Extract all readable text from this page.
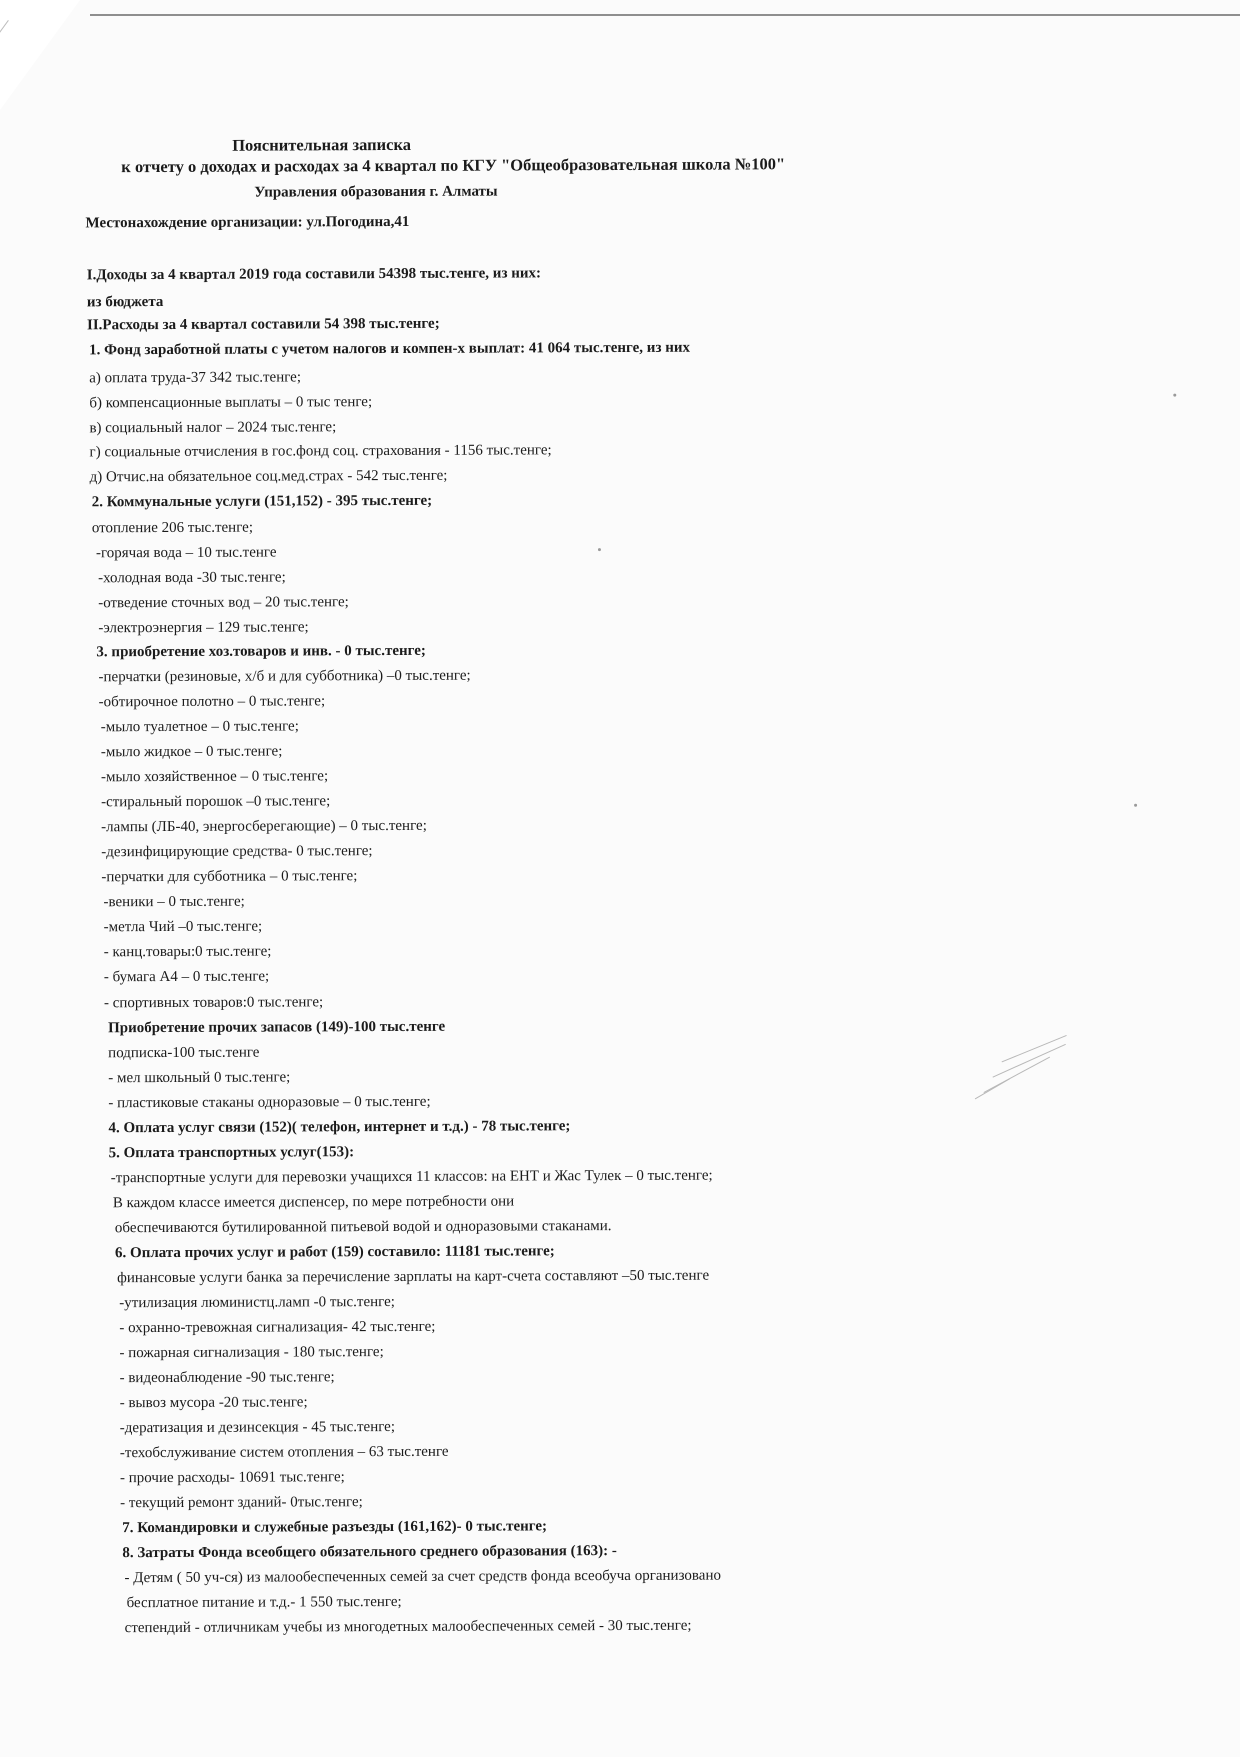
Пояснительная записка
к отчету о доходах и расходах за 4 квартал по КГУ "Общеобразовательная школа №100"
Управления образования г. Алматы
Местонахождение организации: ул.Погодина,41
I.Доходы за 4 квартал 2019 года составили 54398 тыс.тенге, из них:
из бюджета
II.Расходы за 4 квартал составили 54 398 тыс.тенге;
1. Фонд заработной платы с учетом налогов и компен-х выплат: 41 064 тыс.тенге, из них
а) оплата труда-37 342 тыс.тенге;
б) компенсационные выплаты – 0 тыс тенге;
в) социальный налог – 2024 тыс.тенге;
г) социальные отчисления в гос.фонд соц. страхования - 1156 тыс.тенге;
д) Отчис.на обязательное соц.мед.страх - 542 тыс.тенге;
2. Коммунальные услуги (151,152) - 395 тыс.тенге;
отопление 206 тыс.тенге;
-горячая вода – 10 тыс.тенге
-холодная вода -30 тыс.тенге;
-отведение сточных вод – 20 тыс.тенге;
-электроэнергия – 129 тыс.тенге;
3. приобретение хоз.товаров и инв. - 0 тыс.тенге;
-перчатки (резиновые, х/б и для субботника) –0 тыс.тенге;
-обтирочное полотно – 0 тыс.тенге;
-мыло туалетное – 0 тыс.тенге;
-мыло жидкое – 0 тыс.тенге;
-мыло хозяйственное – 0 тыс.тенге;
-стиральный порошок –0 тыс.тенге;
-лампы (ЛБ-40, энергосберегающие) – 0 тыс.тенге;
-дезинфицирующие средства- 0 тыс.тенге;
-перчатки для субботника – 0 тыс.тенге;
-веники – 0 тыс.тенге;
-метла Чий –0 тыс.тенге;
- канц.товары:0 тыс.тенге;
- бумага А4 – 0 тыс.тенге;
- спортивных товаров:0 тыс.тенге;
Приобретение прочих запасов (149)-100 тыс.тенге
подписка-100 тыс.тенге
- мел школьный 0 тыс.тенге;
- пластиковые стаканы одноразовые – 0 тыс.тенге;
4. Оплата услуг связи (152)( телефон, интернет и т.д.) - 78 тыс.тенге;
5. Оплата транспортных услуг(153):
-транспортные услуги для перевозки учащихся 11 классов: на ЕНТ и Жас Тулек – 0 тыс.тенге;
В каждом классе имеется диспенсер, по мере потребности они
обеспечиваются бутилированной питьевой водой и одноразовыми стаканами.
6. Оплата прочих услуг и работ (159) составило: 11181 тыс.тенге;
финансовые услуги банка за перечисление зарплаты на карт-счета составляют –50 тыс.тенге
-утилизация люминистц.ламп -0 тыс.тенге;
- охранно-тревожная сигнализация- 42 тыс.тенге;
- пожарная сигнализация - 180 тыс.тенге;
- видеонаблюдение -90 тыс.тенге;
- вывоз мусора -20 тыс.тенге;
-дератизация и дезинсекция - 45 тыс.тенге;
-техобслуживание систем отопления – 63 тыс.тенге
- прочие расходы- 10691 тыс.тенге;
- текущий ремонт зданий- 0тыс.тенге;
7. Командировки и служебные разъезды (161,162)- 0 тыс.тенге;
8. Затраты Фонда всеобщего обязательного среднего образования (163): -
- Детям ( 50 уч-ся) из малообеспеченных семей за счет средств фонда всеобуча организовано
бесплатное питание и т.д.- 1 550 тыс.тенге;
степендий - отличникам учебы из многодетных малообеспеченных семей - 30 тыс.тенге;
